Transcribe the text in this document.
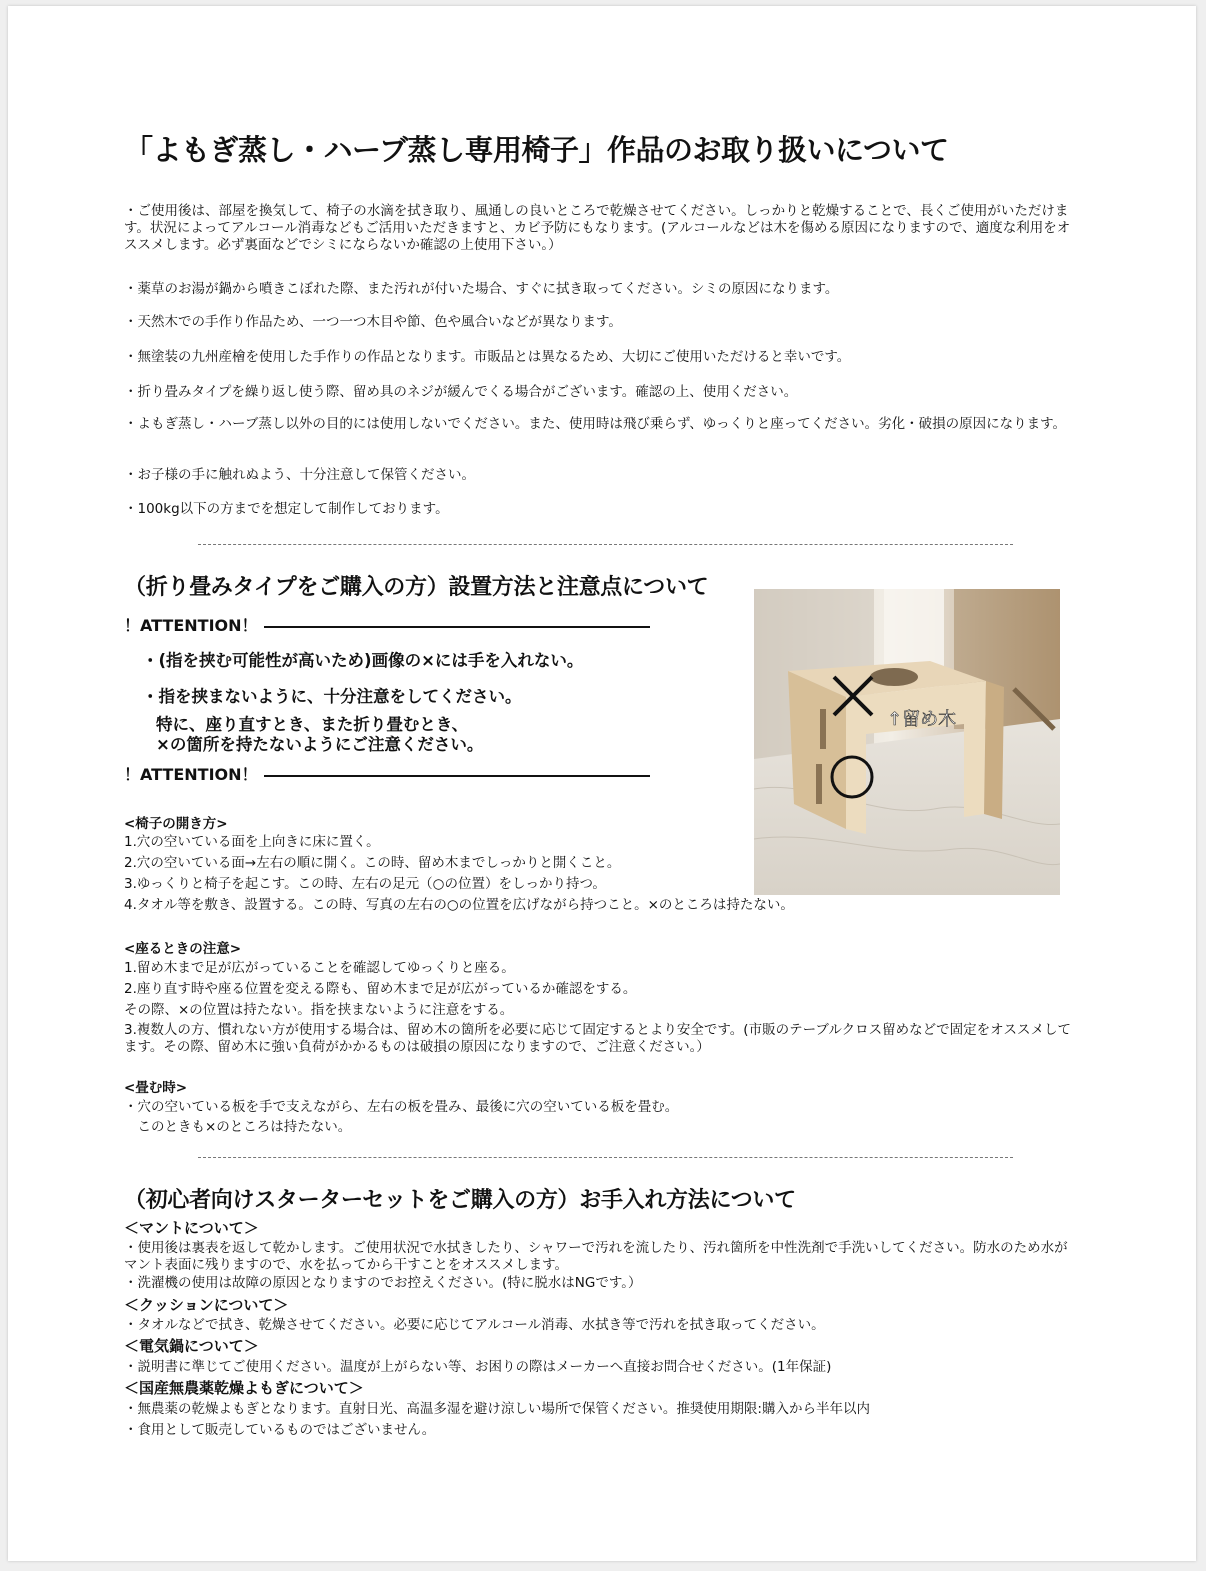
「よもぎ蒸し・ハーブ蒸し専用椅子」作品のお取り扱いについて

・ご使用後は、部屋を換気して、椅子の水滴を拭き取り、風通しの良いところで乾燥させてください。しっかりと乾燥することで、長くご使用がいただけます。状況によってアルコール消毒などもご活用いただきますと、カビ予防にもなります。(アルコールなどは木を傷める原因になりますので、適度な利用をオススメします。必ず裏面などでシミにならないか確認の上使用下さい。）

・薬草のお湯が鍋から噴きこぼれた際、また汚れが付いた場合、すぐに拭き取ってください。シミの原因になります。

・天然木での手作り作品ため、一つ一つ木目や節、色や風合いなどが異なります。

・無塗装の九州産檜を使用した手作りの作品となります。市販品とは異なるため、大切にご使用いただけると幸いです。

・折り畳みタイプを繰り返し使う際、留め具のネジが緩んでくる場合がございます。確認の上、使用ください。

・よもぎ蒸し・ハーブ蒸し以外の目的には使用しないでください。また、使用時は飛び乗らず、ゆっくりと座ってください。劣化・破損の原因になります。

・お子様の手に触れぬよう、十分注意して保管ください。

・100kg以下の方までを想定して制作しております。

（折り畳みタイプをご購入の方）設置方法と注意点について
！ATTENTION！

・(指を挟む可能性が高いため)画像の×には手を入れない。

・指を挟まないように、十分注意をしてください。

特に、座り直すとき、また折り畳むとき、

×の箇所を持たないようにご注意ください。

！ATTENTION！

<椅子の開き方>

1.穴の空いている面を上向きに床に置く。

2.穴の空いている面→左右の順に開く。この時、留め木までしっかりと開くこと。

3.ゆっくりと椅子を起こす。この時、左右の足元（○の位置）をしっかり持つ。

4.タオル等を敷き、設置する。この時、写真の左右の○の位置を広げながら持つこと。×のところは持たない。

<座るときの注意>

1.留め木まで足が広がっていることを確認してゆっくりと座る。

2.座り直す時や座る位置を変える際も、留め木まで足が広がっているか確認をする。

その際、×の位置は持たない。指を挟まないように注意をする。

3.複数人の方、慣れない方が使用する場合は、留め木の箇所を必要に応じて固定するとより安全です。(市販のテーブルクロス留めなどで固定をオススメしてます。その際、留め木に強い負荷がかかるものは破損の原因になりますので、ご注意ください。）

<畳む時>

・穴の空いている板を手で支えながら、左右の板を畳み、最後に穴の空いている板を畳む。

　このときも×のところは持たない。

（初心者向けスターターセットをご購入の方）お手入れ方法について

＜マントについて＞

・使用後は裏表を返して乾かします。ご使用状況で水拭きしたり、シャワーで汚れを流したり、汚れ箇所を中性洗剤で手洗いしてください。防水のため水がマント表面に残りますので、水を払ってから干すことをオススメします。

・洗濯機の使用は故障の原因となりますのでお控えください。(特に脱水はNGです。）

＜クッションについて＞

・タオルなどで拭き、乾燥させてください。必要に応じてアルコール消毒、水拭き等で汚れを拭き取ってください。

＜電気鍋について＞

・説明書に準じてご使用ください。温度が上がらない等、お困りの際はメーカーへ直接お問合せください。(1年保証)

＜国産無農薬乾燥よもぎについて＞

・無農薬の乾燥よもぎとなります。直射日光、高温多湿を避け涼しい場所で保管ください。推奨使用期限:購入から半年以内

・食用として販売しているものではございません。

↑留め木
